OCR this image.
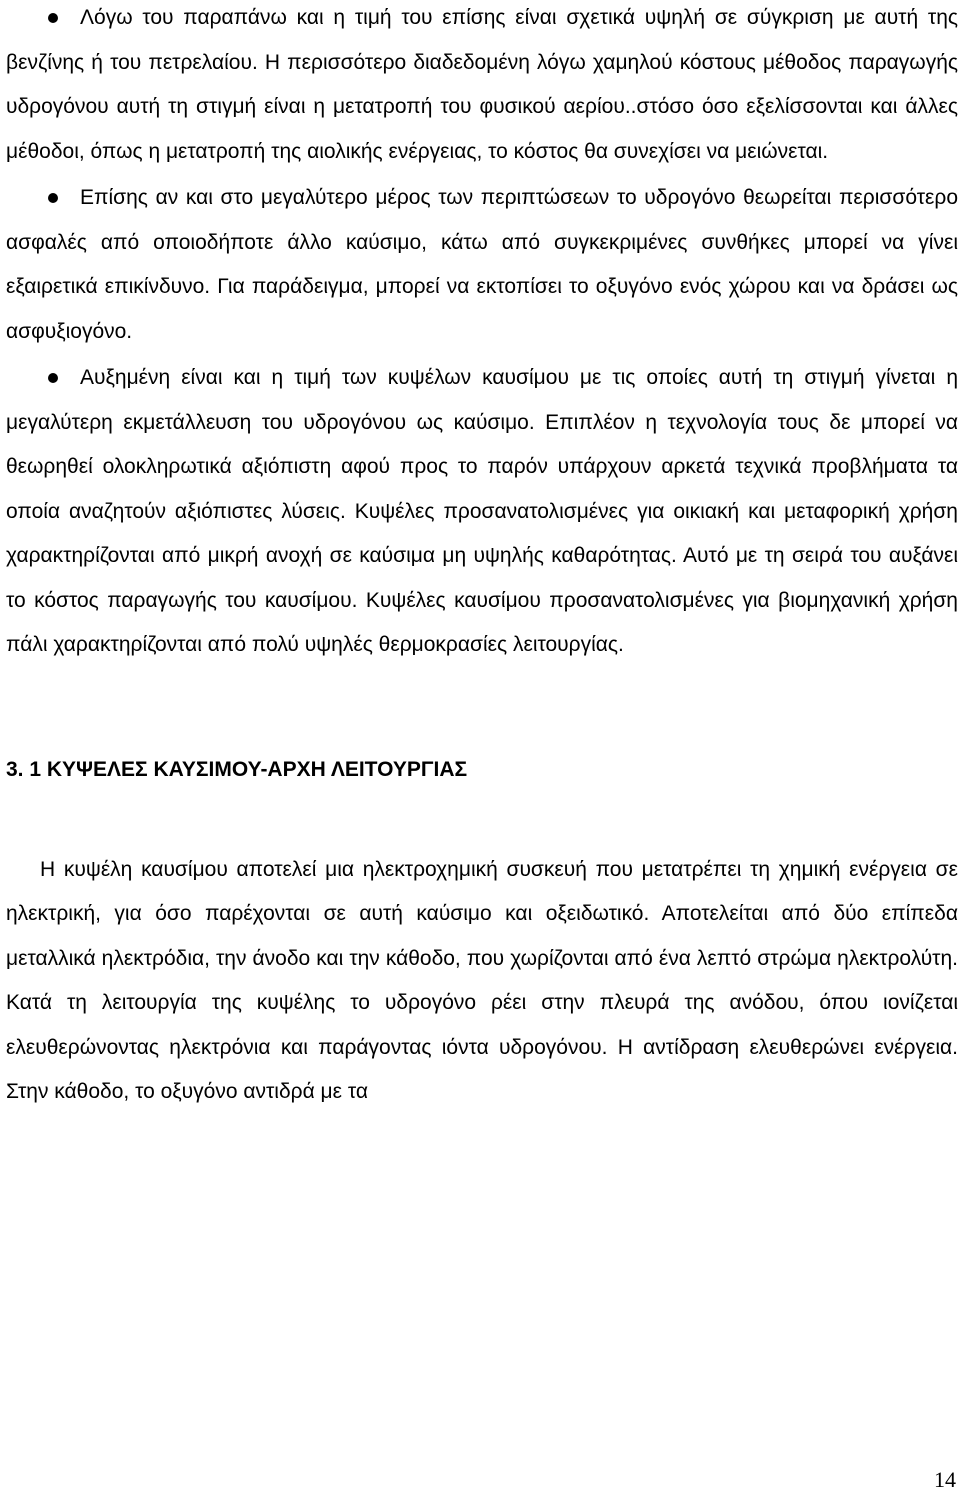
Λόγω του παραπάνω και η τιμή του επίσης είναι σχετικά υψηλή σε σύγκριση με αυτή της βενζίνης ή του πετρελαίου. Η περισσότερο διαδεδομένη λόγω χαμηλού κόστους μέθοδος παραγωγής υδρογόνου αυτή τη στιγμή είναι η μετατροπή του φυσικού αερίου..στόσο όσο εξελίσσονται και άλλες μέθοδοι, όπως η μετατροπή της αιολικής ενέργειας, το κόστος θα συνεχίσει να μειώνεται.

Επίσης αν και στο μεγαλύτερο μέρος των περιπτώσεων το υδρογόνο θεωρείται περισσότερο ασφαλές από οποιοδήποτε άλλο καύσιμο, κάτω από συγκεκριμένες συνθήκες μπορεί να γίνει εξαιρετικά επικίνδυνο. Για παράδειγμα, μπορεί να εκτοπίσει το οξυγόνο ενός χώρου και να δράσει ως ασφυξιογόνο.

Αυξημένη είναι και η τιμή των κυψέλων καυσίμου με τις οποίες αυτή τη στιγμή γίνεται η μεγαλύτερη εκμετάλλευση του υδρογόνου ως καύσιμο. Επιπλέον η τεχνολογία τους δε μπορεί να θεωρηθεί ολοκληρωτικά αξιόπιστη αφού προς το παρόν υπάρχουν αρκετά τεχνικά προβλήματα τα οποία αναζητούν αξιόπιστες λύσεις. Κυψέλες προσανατολισμένες για οικιακή και μεταφορική χρήση χαρακτηρίζονται από μικρή ανοχή σε καύσιμα μη υψηλής καθαρότητας. Αυτό με τη σειρά του αυξάνει το κόστος παραγωγής του καυσίμου. Κυψέλες καυσίμου προσανατολισμένες για βιομηχανική χρήση πάλι χαρακτηρίζονται από πολύ υψηλές θερμοκρασίες λειτουργίας.

3. 1 ΚΥΨΕΛΕΣ ΚΑΥΣΙΜΟΥ-ΑΡΧΗ ΛΕΙΤΟΥΡΓΙΑΣ

Η κυψέλη καυσίμου αποτελεί μια ηλεκτροχημική συσκευή που μετατρέπει τη χημική ενέργεια σε ηλεκτρική, για όσο παρέχονται σε αυτή καύσιμο και οξειδωτικό. Αποτελείται από δύο επίπεδα μεταλλικά ηλεκτρόδια, την άνοδο και την κάθοδο, που χωρίζονται από ένα λεπτό στρώμα ηλεκτρολύτη. Κατά τη λειτουργία της κυψέλης το υδρογόνο ρέει στην πλευρά της ανόδου, όπου ιονίζεται ελευθερώνοντας ηλεκτρόνια και παράγοντας ιόντα υδρογόνου. Η αντίδραση ελευθερώνει ενέργεια. Στην κάθοδο, το οξυγόνο αντιδρά με τα

14
